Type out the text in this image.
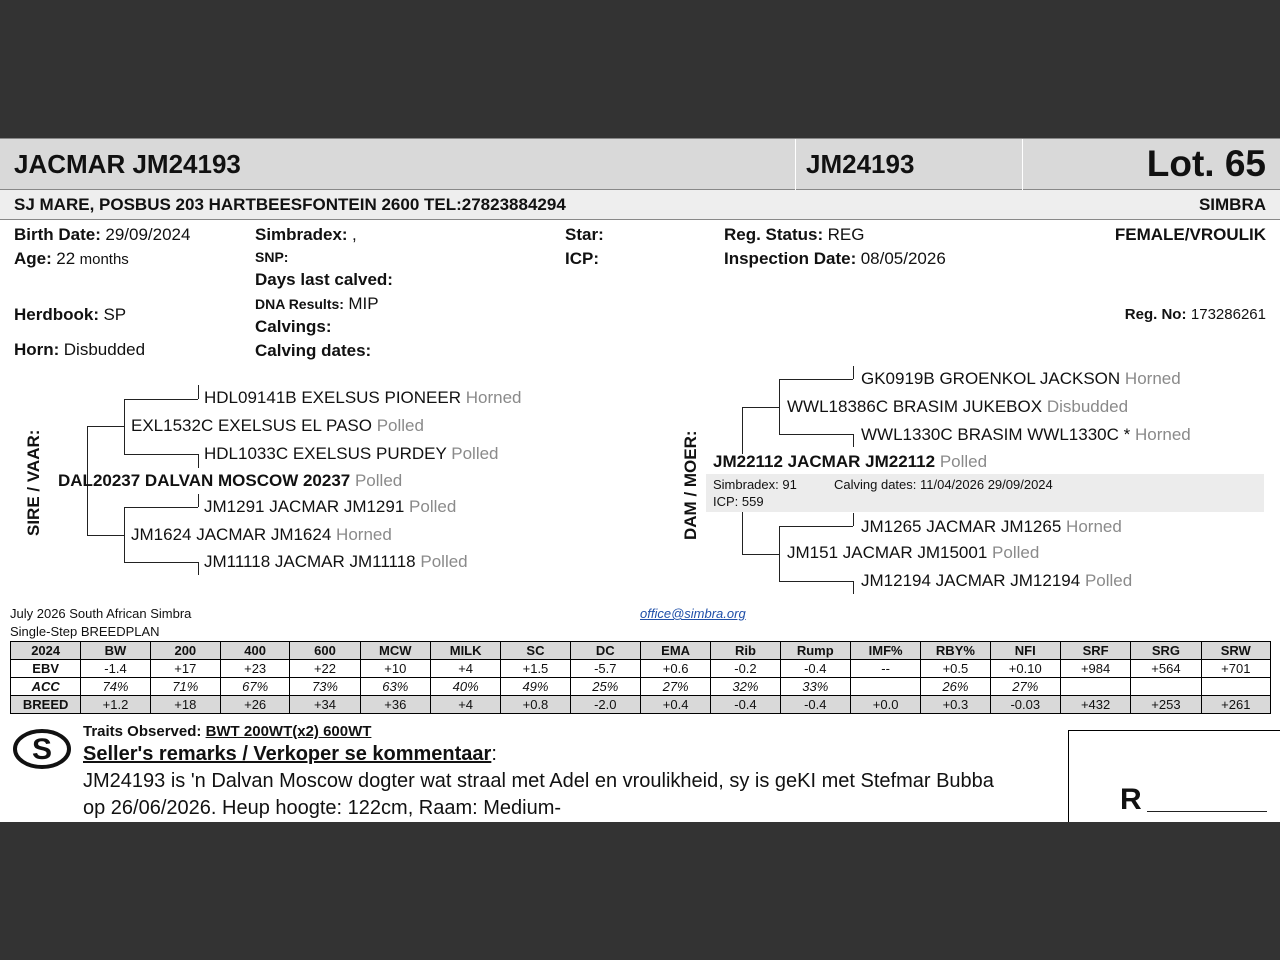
JACMAR JM24193	JM24193	Lot. 65
SJ MARE, POSBUS 203 HARTBEESFONTEIN 2600 TEL:27823884294	SIMBRA
Birth Date: 29/09/2024
Age: 22 months
Herdbook: SP
Horn: Disbudded
Simbradex: ,
SNP:
Days last calved:
DNA Results: MIP
Calvings:
Calving dates:
Star:
ICP:
Reg. Status: REG
Inspection Date: 08/05/2026
FEMALE/VROULIK
Reg. No: 173286261
SIRE / VAAR:
HDL09141B EXELSUS PIONEER Horned
EXL1532C EXELSUS EL PASO Polled
HDL1033C EXELSUS PURDEY Polled
DAL20237 DALVAN MOSCOW 20237 Polled
JM1291 JACMAR JM1291 Polled
JM1624 JACMAR JM1624 Horned
JM11118 JACMAR JM11118 Polled
DAM / MOER:
GK0919B GROENKOL JACKSON Horned
WWL18386C BRASIM JUKEBOX Disbudded
WWL1330C BRASIM WWL1330C * Horned
JM22112 JACMAR JM22112 Polled
Simbradex: 91	Calving dates: 11/04/2026 29/09/2024
ICP: 559
JM1265 JACMAR JM1265 Horned
JM151 JACMAR JM15001 Polled
JM12194 JACMAR JM12194 Polled
July 2026 South African Simbra
Single-Step BREEDPLAN
office@simbra.org
2024	BW	200	400	600	MCW	MILK	SC	DC	EMA	Rib	Rump	IMF%	RBY%	NFI	SRF	SRG	SRW
EBV	-1.4	+17	+23	+22	+10	+4	+1.5	-5.7	+0.6	-0.2	-0.4	--	+0.5	+0.10	+984	+564	+701
ACC	74%	71%	67%	73%	63%	40%	49%	25%	27%	32%	33%		26%	27%			
BREED	+1.2	+18	+26	+34	+36	+4	+0.8	-2.0	+0.4	-0.4	-0.4	+0.0	+0.3	-0.03	+432	+253	+261
S
Traits Observed: BWT 200WT(x2) 600WT
Seller's remarks / Verkoper se kommentaar:
JM24193 is 'n Dalvan Moscow dogter wat straal met Adel en vroulikheid, sy is geKI met Stefmar Bubba
op 26/06/2026. Heup hoogte: 122cm, Raam: Medium-	R
